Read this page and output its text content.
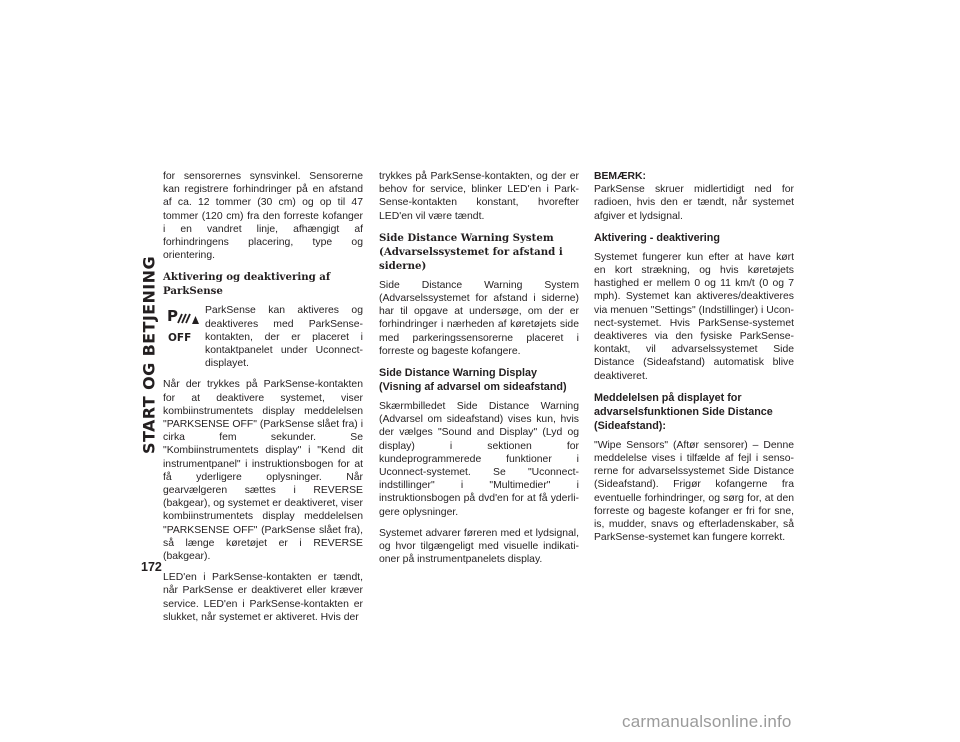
START OG BETJENING
172

for sensorernes synsvinkel. Sensorerne kan registrere forhindringer på en afstand af ca. 12 tommer (30 cm) og op til 47 tommer (120 cm) fra den forreste kofanger i en vandret linje, afhængigt af forhindringens placering, type og orientering.

Aktivering og deaktivering af ParkSense
P
OFF

ParkSense kan aktiveres og deaktiveres med ParkSense-kontakten, der er placeret i kontaktpanelet under Uconnect-displayet.

Når der trykkes på ParkSense-kontakten for at deaktivere systemet, viser kombiinstrumentets display meddelelsen "PARKSENSE OFF" (ParkSense slået fra) i cirka fem sekunder. Se "Kombiinstrumentets display" i "Kend dit instrumentpanel" i instruktionsbogen for at få yderligere oplysninger. Når gearvælgeren sættes i REVERSE (bakgear), og systemet er deaktiveret, viser kombiinstrumentets display meddelelsen "PARKSENSE OFF" (ParkSense slået fra), så længe køretøjet er i REVERSE (bakgear).

LED'en i ParkSense-kontakten er tændt, når ParkSense er deaktiveret eller kræver service. LED'en i ParkSense-kontakten er slukket, når systemet er aktiveret. Hvis der

trykkes på ParkSense-kontakten, og der er behov for service, blinker LED'en i ParkSense-kontakten konstant, hvorefter LED'en vil være tændt.

Side Distance Warning System (Advarselssystemet for afstand i siderne)

Side Distance Warning System (Advarselssystemet for afstand i siderne) har til opgave at undersøge, om der er forhindringer i nærheden af køretøjets side med parkeringssensorerne placeret i forreste og bageste kofangere.

Side Distance Warning Display (Visning af advarsel om sideafstand)

Skærmbilledet Side Distance Warning (Advarsel om sideafstand) vises kun, hvis der vælges "Sound and Display" (Lyd og display) i sektionen for kundeprogrammerede funktioner i Uconnect-systemet. Se "Uconnect-indstillinger" i "Multimedier" i instruktionsbogen på dvd'en for at få yderligere oplysninger.

Systemet advarer føreren med et lydsignal, og hvor tilgængeligt med visuelle indikationer på instrumentpanelets display.

BEMÆRK:

ParkSense skruer midlertidigt ned for radioen, hvis den er tændt, når systemet afgiver et lydsignal.

Aktivering - deaktivering

Systemet fungerer kun efter at have kørt en kort strækning, og hvis køretøjets hastighed er mellem 0 og 11 km/t (0 og 7 mph). Systemet kan aktiveres/deaktiveres via menuen "Settings" (Indstillinger) i Uconnect-systemet. Hvis ParkSense-systemet deaktiveres via den fysiske ParkSense-kontakt, vil advarselssystemet Side Distance (Sideafstand) automatisk blive deaktiveret.

Meddelelsen på displayet for advarselsfunktionen Side Distance (Sideafstand):

"Wipe Sensors" (Aftør sensorer) – Denne meddelelse vises i tilfælde af fejl i sensorerne for advarselssystemet Side Distance (Sideafstand). Frigør kofangerne fra eventuelle forhindringer, og sørg for, at den forreste og bageste kofanger er fri for sne, is, mudder, snavs og efterladenskaber, så ParkSense-systemet kan fungere korrekt.

carmanualsonline.info
